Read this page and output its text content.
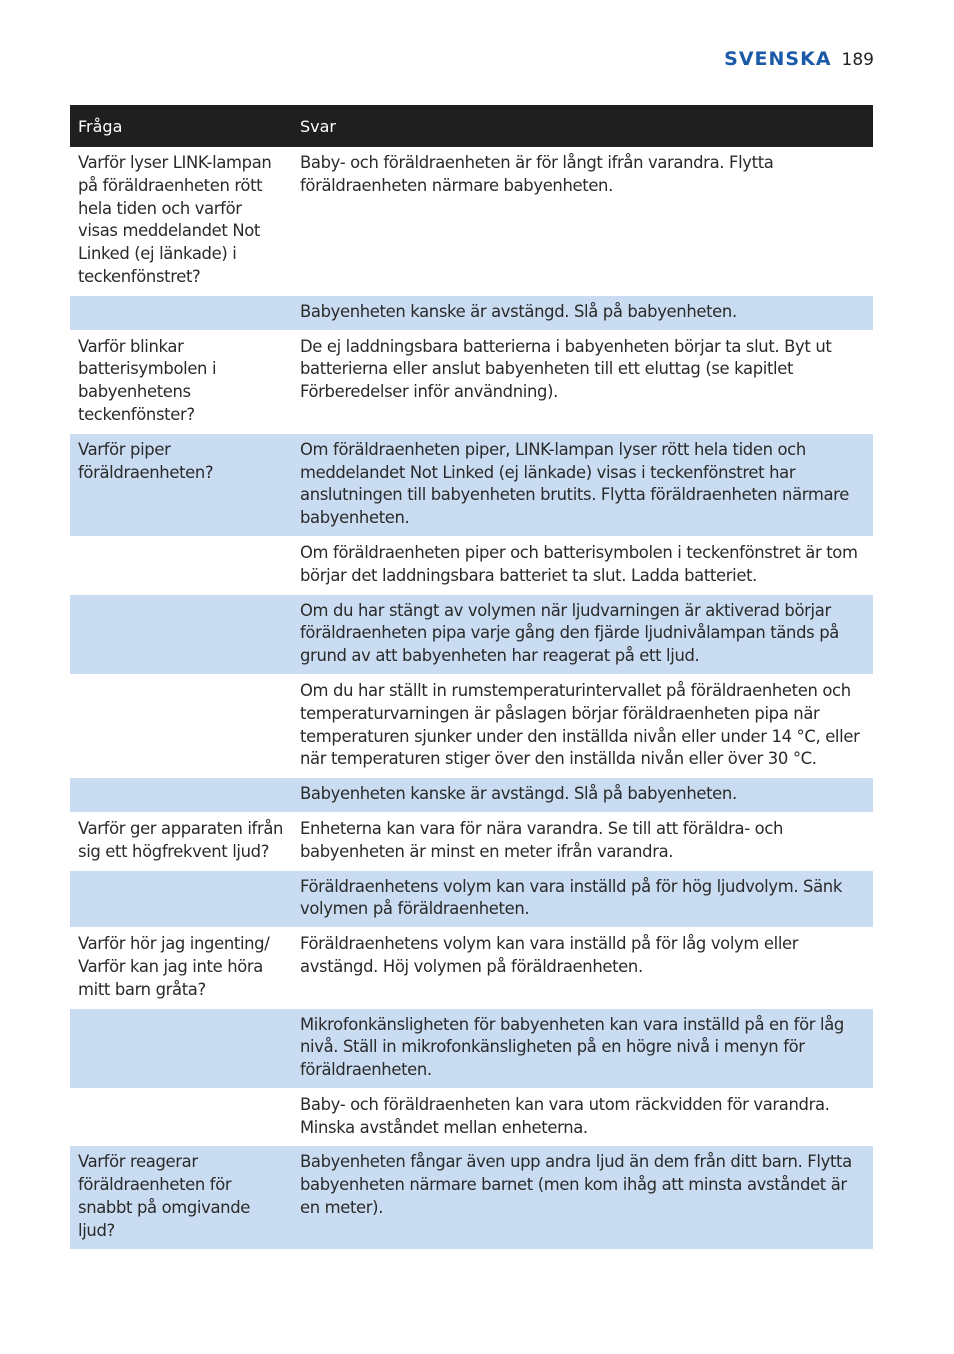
SVENSKA 189
Fråga	Svar
Varför lyser LINK-lampan på föräldraenheten rött hela tiden och varför visas meddelandet Not Linked (ej länkade) i teckenfönstret?	Baby- och föräldraenheten är för långt ifrån varandra. Flytta föräldraenheten närmare babyenheten.
	Babyenheten kanske är avstängd. Slå på babyenheten.
Varför blinkar batterisymbolen i babyenhetens teckenfönster?	De ej laddningsbara batterierna i babyenheten börjar ta slut. Byt ut batterierna eller anslut babyenheten till ett eluttag (se kapitlet Förberedelser inför användning).
Varför piper föräldraenheten?	Om föräldraenheten piper, LINK-lampan lyser rött hela tiden och meddelandet Not Linked (ej länkade) visas i teckenfönstret har anslutningen till babyenheten brutits. Flytta föräldraenheten närmare babyenheten.
	Om föräldraenheten piper och batterisymbolen i teckenfönstret är tom börjar det laddningsbara batteriet ta slut. Ladda batteriet.
	Om du har stängt av volymen när ljudvarningen är aktiverad börjar föräldraenheten pipa varje gång den fjärde ljudnivålampan tänds på grund av att babyenheten har reagerat på ett ljud.
	Om du har ställt in rumstemperaturintervallet på föräldraenheten och temperaturvarningen är påslagen börjar föräldraenheten pipa när temperaturen sjunker under den inställda nivån eller under 14 °C, eller när temperaturen stiger över den inställda nivån eller över 30 °C.
	Babyenheten kanske är avstängd. Slå på babyenheten.
Varför ger apparaten ifrån sig ett högfrekvent ljud?	Enheterna kan vara för nära varandra. Se till att föräldra- och babyenheten är minst en meter ifrån varandra.
	Föräldraenhetens volym kan vara inställd på för hög ljudvolym. Sänk volymen på föräldraenheten.
Varför hör jag ingenting/ Varför kan jag inte höra mitt barn gråta?	Föräldraenhetens volym kan vara inställd på för låg volym eller avstängd. Höj volymen på föräldraenheten.
	Mikrofonkänsligheten för babyenheten kan vara inställd på en för låg nivå. Ställ in mikrofonkänsligheten på en högre nivå i menyn för föräldraenheten.
	Baby- och föräldraenheten kan vara utom räckvidden för varandra. Minska avståndet mellan enheterna.
Varför reagerar föräldraenheten för snabbt på omgivande ljud?	Babyenheten fångar även upp andra ljud än dem från ditt barn. Flytta babyenheten närmare barnet (men kom ihåg att minsta avståndet är en meter).
